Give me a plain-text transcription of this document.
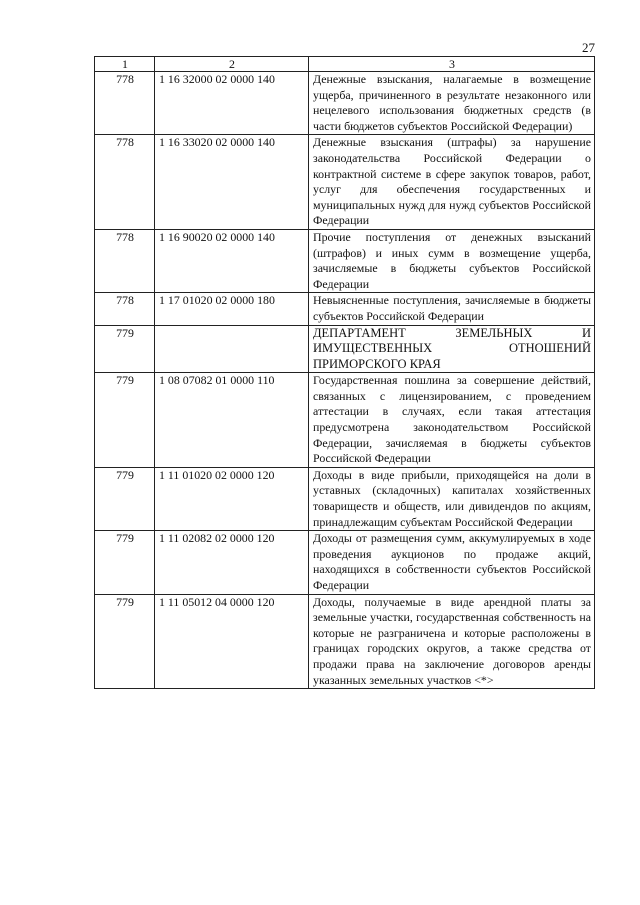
27
1	2	3
778	1 16 32000 02 0000 140	Денежные взыскания, налагаемые в возмещение ущерба, причиненного в результате незаконного или нецелевого использования бюджетных средств (в части бюджетов субъектов Российской Федерации)
778	1 16 33020 02 0000 140	Денежные взыскания (штрафы) за нарушение законодательства Российской Федерации о контрактной системе в сфере закупок товаров, работ, услуг для обеспечения государственных и муниципальных нужд для нужд субъектов Российской Федерации
778	1 16 90020 02 0000 140	Прочие поступления от денежных взысканий (штрафов) и иных сумм в возмещение ущерба, зачисляемые в бюджеты субъектов Российской Федерации
778	1 17 01020 02 0000 180	Невыясненные поступления, зачисляемые в бюджеты субъектов Российской Федерации
779		ДЕПАРТАМЕНТ ЗЕМЕЛЬНЫХ И ИМУЩЕСТВЕННЫХ ОТНОШЕНИЙ ПРИМОРСКОГО КРАЯ
779	1 08 07082 01 0000 110	Государственная пошлина за совершение действий, связанных с лицензированием, с проведением аттестации в случаях, если такая аттестация предусмотрена законодательством Российской Федерации, зачисляемая в бюджеты субъектов Российской Федерации
779	1 11 01020 02 0000 120	Доходы в виде прибыли, приходящейся на доли в уставных (складочных) капиталах хозяйственных товариществ и обществ, или дивидендов по акциям, принадлежащим субъектам Российской Федерации
779	1 11 02082 02 0000 120	Доходы от размещения сумм, аккумулируемых в ходе проведения аукционов по продаже акций, находящихся в собственности субъектов Российской Федерации
779	1 11 05012 04 0000 120	Доходы, получаемые в виде арендной платы за земельные участки, государственная собственность на которые не разграничена и которые расположены в границах городских округов, а также средства от продажи права на заключение договоров аренды указанных земельных участков <*>
